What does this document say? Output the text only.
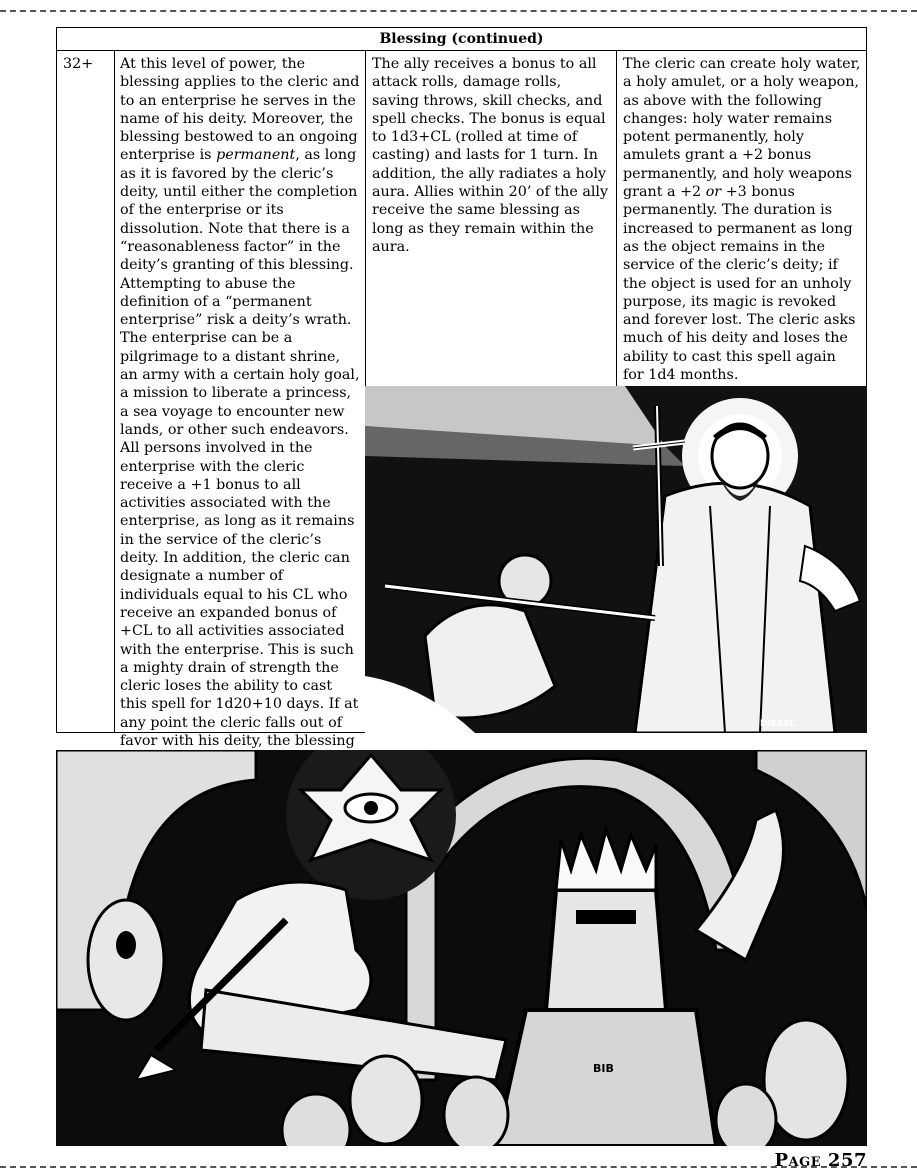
Blessing (continued)
32+	At this level of power, the blessing applies to the cleric and to an enterprise he serves in the name of his deity. Moreover, the blessing bestowed to an ongoing enterprise is permanent, as long as it is favored by the cleric’s deity, until either the completion of the enterprise or its dissolution. Note that there is a “reasonableness factor” in the deity’s granting of this blessing. Attempting to abuse the definition of a “permanent enterprise” risk a deity’s wrath. The enterprise can be a pilgrimage to a distant shrine, an army with a certain holy goal, a mission to liberate a princess, a sea voyage to encounter new lands, or other such endeavors. All persons involved in the enterprise with the cleric receive a +1 bonus to all activities associated with the enterprise, as long as it remains in the service of the cleric’s deity. In addition, the cleric can designate a number of individuals equal to his CL who receive an expanded bonus of +CL to all activities associated with the enterprise. This is such a mighty drain of strength the cleric loses the ability to cast this spell for 1d20+10 days. If at any point the cleric falls out of favor with his deity, the blessing
The ally receives a bonus to all attack rolls, damage rolls, saving throws, skill checks, and spell checks. The bonus is equal to 1d3+CL (rolled at time of casting) and lasts for 1 turn. In addition, the ally radiates a holy aura. Allies within 20’ of the ally receive the same blessing as long as they remain within the aura.
The cleric can create holy water, a holy amulet, or a holy weapon, as above with the following changes: holy water remains potent permanently, holy amulets grant a +2 bonus permanently, and holy weapons grant a +2 or +3 bonus permanently. The duration is increased to permanent as long as the object remains in the service of the cleric’s deity; if the object is used for an unholy purpose, its magic is revoked and forever lost. The cleric asks much of his deity and loses the ability to cast this spell again for 1d4 months.
DIESEL
BIB
Page 257
